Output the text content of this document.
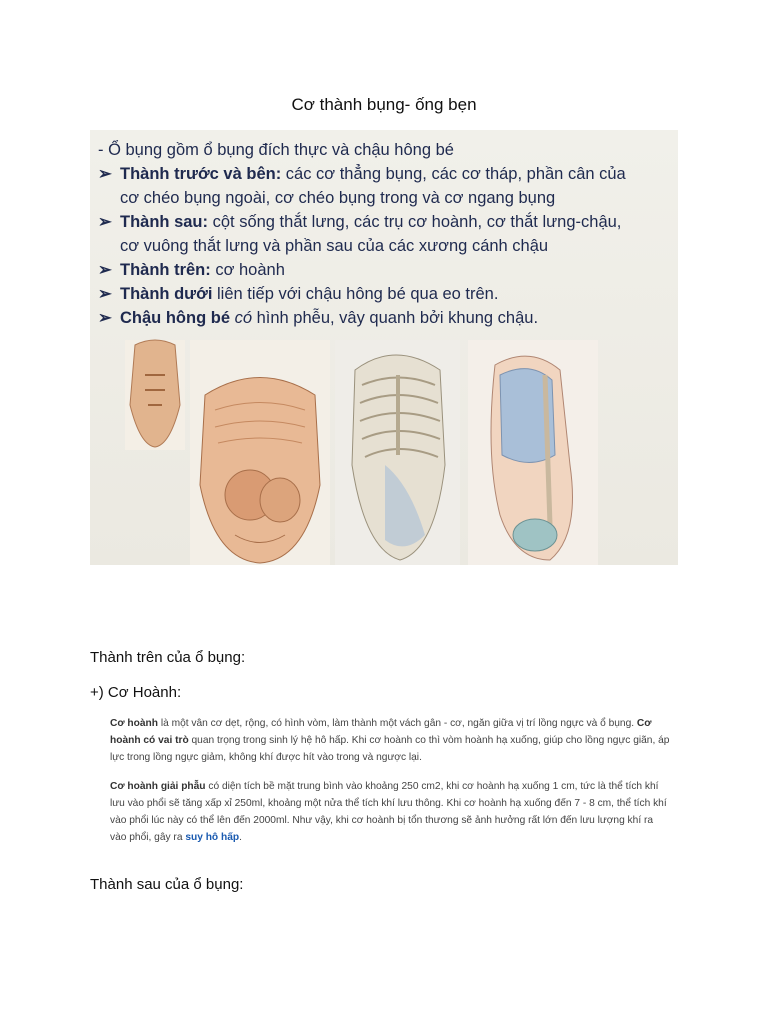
Cơ thành bụng- ống bẹn
- Ổ bụng gồm ổ bụng đích thực và chậu hông bé
➢ Thành trước và bên: các cơ thẳng bụng, các cơ tháp, phần cân của
cơ chéo bụng ngoài, cơ chéo bụng trong và cơ ngang bụng
➢ Thành sau: cột sống thắt lưng, các trụ cơ hoành, cơ thắt lưng-chậu,
cơ vuông thắt lưng và phần sau của các xương cánh chậu
➢ Thành trên: cơ hoành
➢ Thành dưới liên tiếp với chậu hông bé qua eo trên.
➢ Chậu hông bé có hình phễu, vây quanh bởi khung chậu.
Thành trên của ổ bụng:
+) Cơ Hoành:

Cơ hoành là một vân cơ dẹt, rộng, có hình vòm, làm thành một vách gân - cơ, ngăn giữa vị trí lồng ngực và ổ bụng. Cơ hoành có vai trò quan trọng trong sinh lý hệ hô hấp. Khi cơ hoành co thì vòm hoành hạ xuống, giúp cho lồng ngực giãn, áp lực trong lồng ngực giảm, không khí được hít vào trong và ngược lại.

Cơ hoành giải phẫu có diện tích bề mặt trung bình vào khoảng 250 cm2, khi cơ hoành hạ xuống 1 cm, tức là thể tích khí lưu vào phổi sẽ tăng xấp xỉ 250ml, khoảng một nửa thể tích khí lưu thông. Khi cơ hoành hạ xuống đến 7 - 8 cm, thể tích khí vào phổi lúc này có thể lên đến 2000ml. Như vậy, khi cơ hoành bị tổn thương sẽ ảnh hưởng rất lớn đến lưu lượng khí ra vào phổi, gây ra suy hô hấp.

Thành sau của ổ bụng:
